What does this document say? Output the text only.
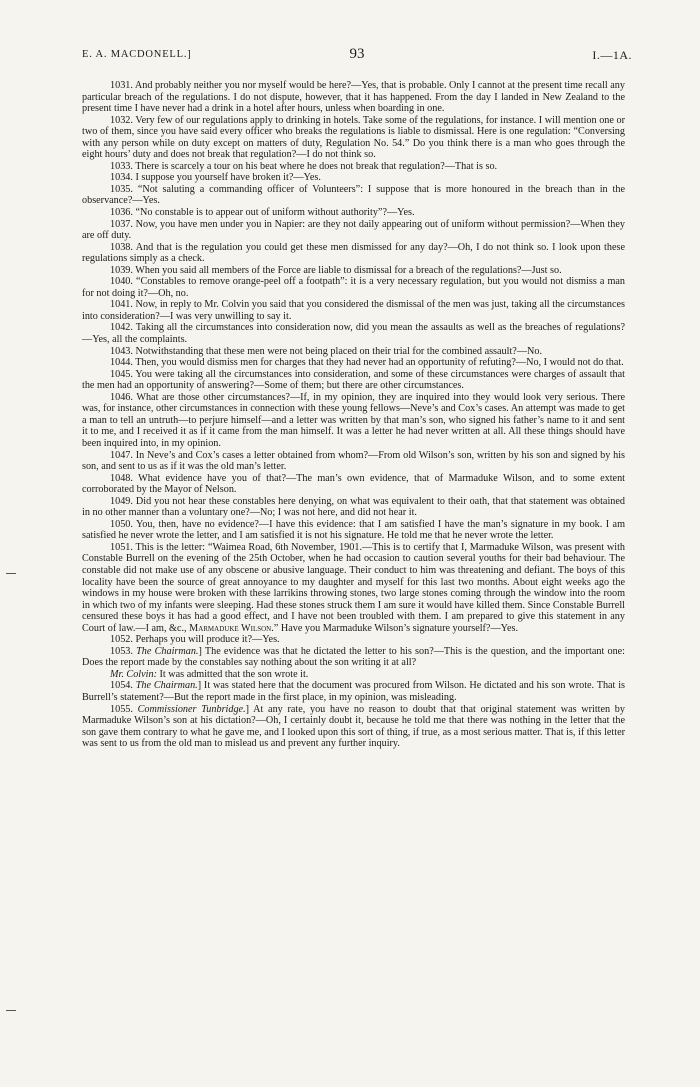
E. A. MACDONELL.]	93	I.—1A.

1031. And probably neither you nor myself would be here?—Yes, that is probable. Only I cannot at the present time recall any particular breach of the regulations. I do not dispute, however, that it has happened. From the day I landed in New Zealand to the present time I have never had a drink in a hotel after hours, unless when boarding in one.

1032. Very few of our regulations apply to drinking in hotels. Take some of the regulations, for instance. I will mention one or two of them, since you have said every officer who breaks the regulations is liable to dismissal. Here is one regulation: “Conversing with any person while on duty except on matters of duty, Regulation No. 54.” Do you think there is a man who goes through the eight hours’ duty and does not break that regulation?—I do not think so.

1033. There is scarcely a tour on his beat where he does not break that regulation?—That is so.

1034. I suppose you yourself have broken it?—Yes.

1035. “Not saluting a commanding officer of Volunteers”: I suppose that is more honoured in the breach than in the observance?—Yes.

1036. “No constable is to appear out of uniform without authority”?—Yes.

1037. Now, you have men under you in Napier: are they not daily appearing out of uniform without permission?—When they are off duty.

1038. And that is the regulation you could get these men dismissed for any day?—Oh, I do not think so. I look upon these regulations simply as a check.

1039. When you said all members of the Force are liable to dismissal for a breach of the regulations?—Just so.

1040. “Constables to remove orange-peel off a footpath”: it is a very necessary regulation, but you would not dismiss a man for not doing it?—Oh, no.

1041. Now, in reply to Mr. Colvin you said that you considered the dismissal of the men was just, taking all the circumstances into consideration?—I was very unwilling to say it.

1042. Taking all the circumstances into consideration now, did you mean the assaults as well as the breaches of regulations?—Yes, all the complaints.

1043. Notwithstanding that these men were not being placed on their trial for the combined assault?—No.

1044. Then, you would dismiss men for charges that they had never had an opportunity of refuting?—No, I would not do that.

1045. You were taking all the circumstances into consideration, and some of these circumstances were charges of assault that the men had an opportunity of answering?—Some of them; but there are other circumstances.

1046. What are those other circumstances?—If, in my opinion, they are inquired into they would look very serious. There was, for instance, other circumstances in connection with these young fellows—Neve’s and Cox’s cases. An attempt was made to get a man to tell an untruth—to perjure himself—and a letter was written by that man’s son, who signed his father’s name to it and sent it to me, and I received it as if it came from the man himself. It was a letter he had never written at all. All these things should have been inquired into, in my opinion.

1047. In Neve’s and Cox’s cases a letter obtained from whom?—From old Wilson’s son, written by his son and signed by his son, and sent to us as if it was the old man’s letter.

1048. What evidence have you of that?—The man’s own evidence, that of Marmaduke Wilson, and to some extent corroborated by the Mayor of Nelson.

1049. Did you not hear these constables here denying, on what was equivalent to their oath, that that statement was obtained in no other manner than a voluntary one?—No; I was not here, and did not hear it.

1050. You, then, have no evidence?—I have this evidence: that I am satisfied I have the man’s signature in my book. I am satisfied he never wrote the letter, and I am satisfied it is not his signature. He told me that he never wrote the letter.

1051. This is the letter: “Waimea Road, 6th November, 1901.—This is to certify that I, Marmaduke Wilson, was present with Constable Burrell on the evening of the 25th October, when he had occasion to caution several youths for their bad behaviour. The constable did not make use of any obscene or abusive language. Their conduct to him was threatening and defiant. The boys of this locality have been the source of great annoyance to my daughter and myself for this last two months. About eight weeks ago the windows in my house were broken with these larrikins throwing stones, two large stones coming through the window into the room in which two of my infants were sleeping. Had these stones struck them I am sure it would have killed them. Since Constable Burrell censured these boys it has had a good effect, and I have not been troubled with them. I am prepared to give this statement in any Court of law.—I am, &c., Marmaduke Wilson.” Have you Marmaduke Wilson’s signature yourself?—Yes.

1052. Perhaps you will produce it?—Yes.

1053. The Chairman.] The evidence was that he dictated the letter to his son?—This is the question, and the important one: Does the report made by the constables say nothing about the son writing it at all?

Mr. Colvin: It was admitted that the son wrote it.

1054. The Chairman.] It was stated here that the document was procured from Wilson. He dictated and his son wrote. That is Burrell’s statement?—But the report made in the first place, in my opinion, was misleading.

1055. Commissioner Tunbridge.] At any rate, you have no reason to doubt that that original statement was written by Marmaduke Wilson’s son at his dictation?—Oh, I certainly doubt it, because he told me that there was nothing in the letter that the son gave them contrary to what he gave me, and I looked upon this sort of thing, if true, as a most serious matter. That is, if this letter was sent to us from the old man to mislead us and prevent any further inquiry.
